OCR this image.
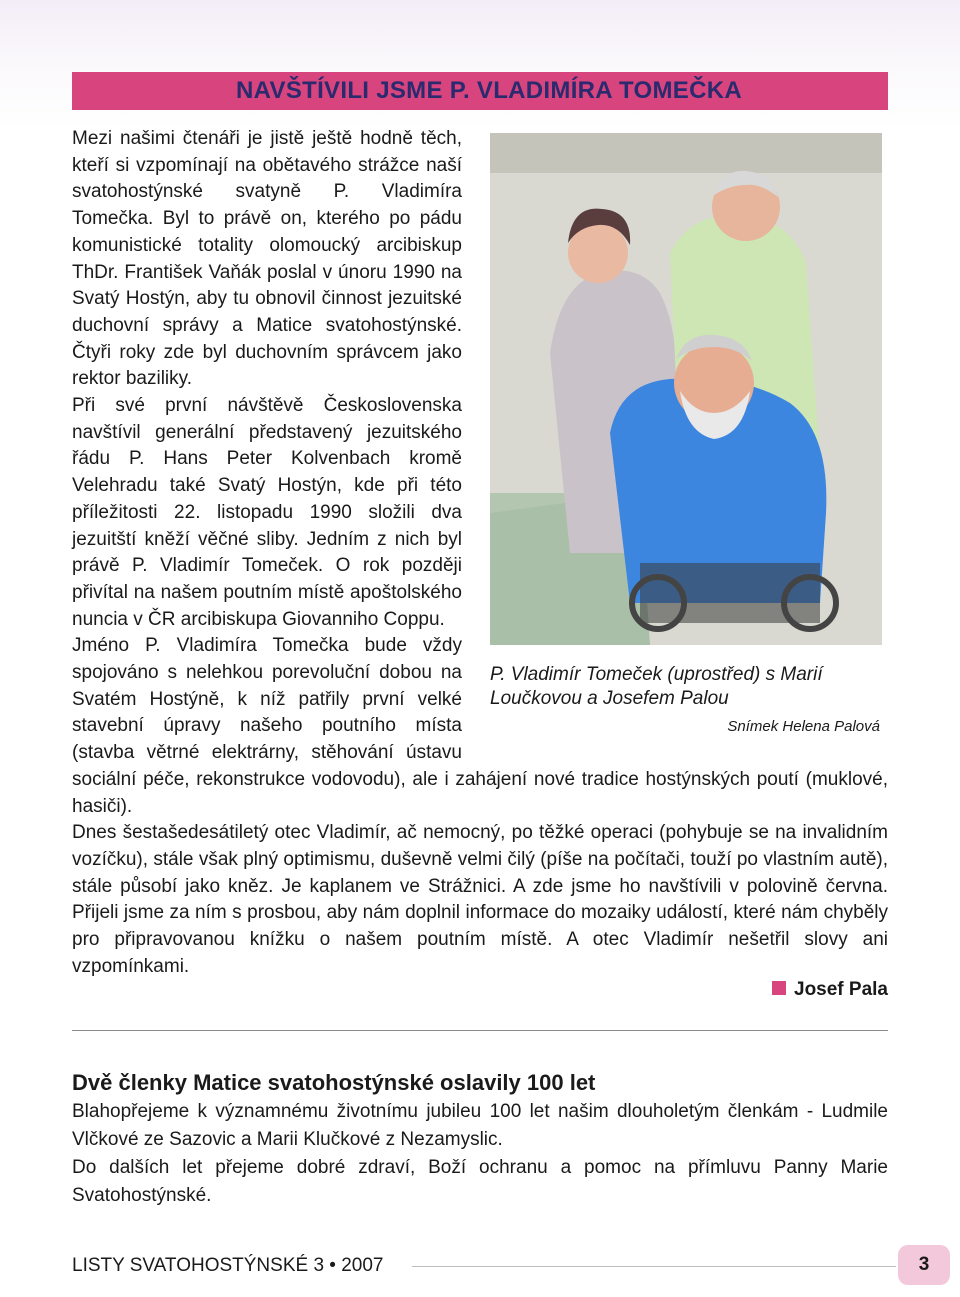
NAVŠTÍVILI JSME P. VLADIMÍRA TOMEČKA
P. Vladimír Tomeček (uprostřed) s Marií Loučkovou a Josefem Palou
Snímek Helena Palová

Mezi našimi čtenáři je jistě ještě hodně těch, kteří si vzpomínají na obětavého strážce naší svatohostýnské svatyně P. Vladimíra Tomečka. Byl to právě on, kterého po pádu komunistické totality olomoucký arcibiskup ThDr. František Vaňák poslal v únoru 1990 na Svatý Hostýn, aby tu obnovil činnost jezuitské duchovní správy a Matice svatohostýnské. Čtyři roky zde byl duchovním správcem jako rektor baziliky.

Při své první návštěvě Československa navštívil generální představený jezuitského řádu P. Hans Peter Kolvenbach kromě Velehradu také Svatý Hostýn, kde při této příležitosti 22. listopadu 1990 složili dva jezuitští kněží věčné sliby. Jedním z nich byl právě P. Vladimír Tomeček. O rok později přivítal na našem poutním místě apoštolského nuncia v ČR arcibiskupa Giovanniho Coppu.

Jméno P. Vladimíra Tomečka bude vždy spojováno s nelehkou porevoluční dobou na Svatém Hostýně, k níž patřily první velké stavební úpravy našeho poutního místa (stavba větrné elektrárny, stěhování ústavu sociální péče, rekonstrukce vodovodu), ale i zahájení nové tradice hostýnských poutí (muklové, hasiči).

Dnes šestašedesátiletý otec Vladimír, ač nemocný, po těžké operaci (pohybuje se na invalidním vozíčku), stále však plný optimismu, duševně velmi čilý (píše na počítači, touží po vlastním autě), stále působí jako kněz. Je kaplanem ve Strážnici. A zde jsme ho navštívili v polovině června. Přijeli jsme za ním s prosbou, aby nám doplnil informace do mozaiky událostí, které nám chyběly pro připravovanou knížku o našem poutním místě. A otec Vladimír nešetřil slovy ani vzpomínkami.

Josef Pala
Dvě členky Matice svatohostýnské oslavily 100 let

Blahopřejeme k významnému životnímu jubileu 100 let našim dlouholetým členkám - Ludmile Vlčkové ze Sazovic a Marii Klučkové z Nezamyslic.

Do dalších let přejeme dobré zdraví, Boží ochranu a pomoc na přímluvu Panny Marie Svatohostýnské.

LISTY SVATOHOSTÝNSKÉ 3 • 2007	3
